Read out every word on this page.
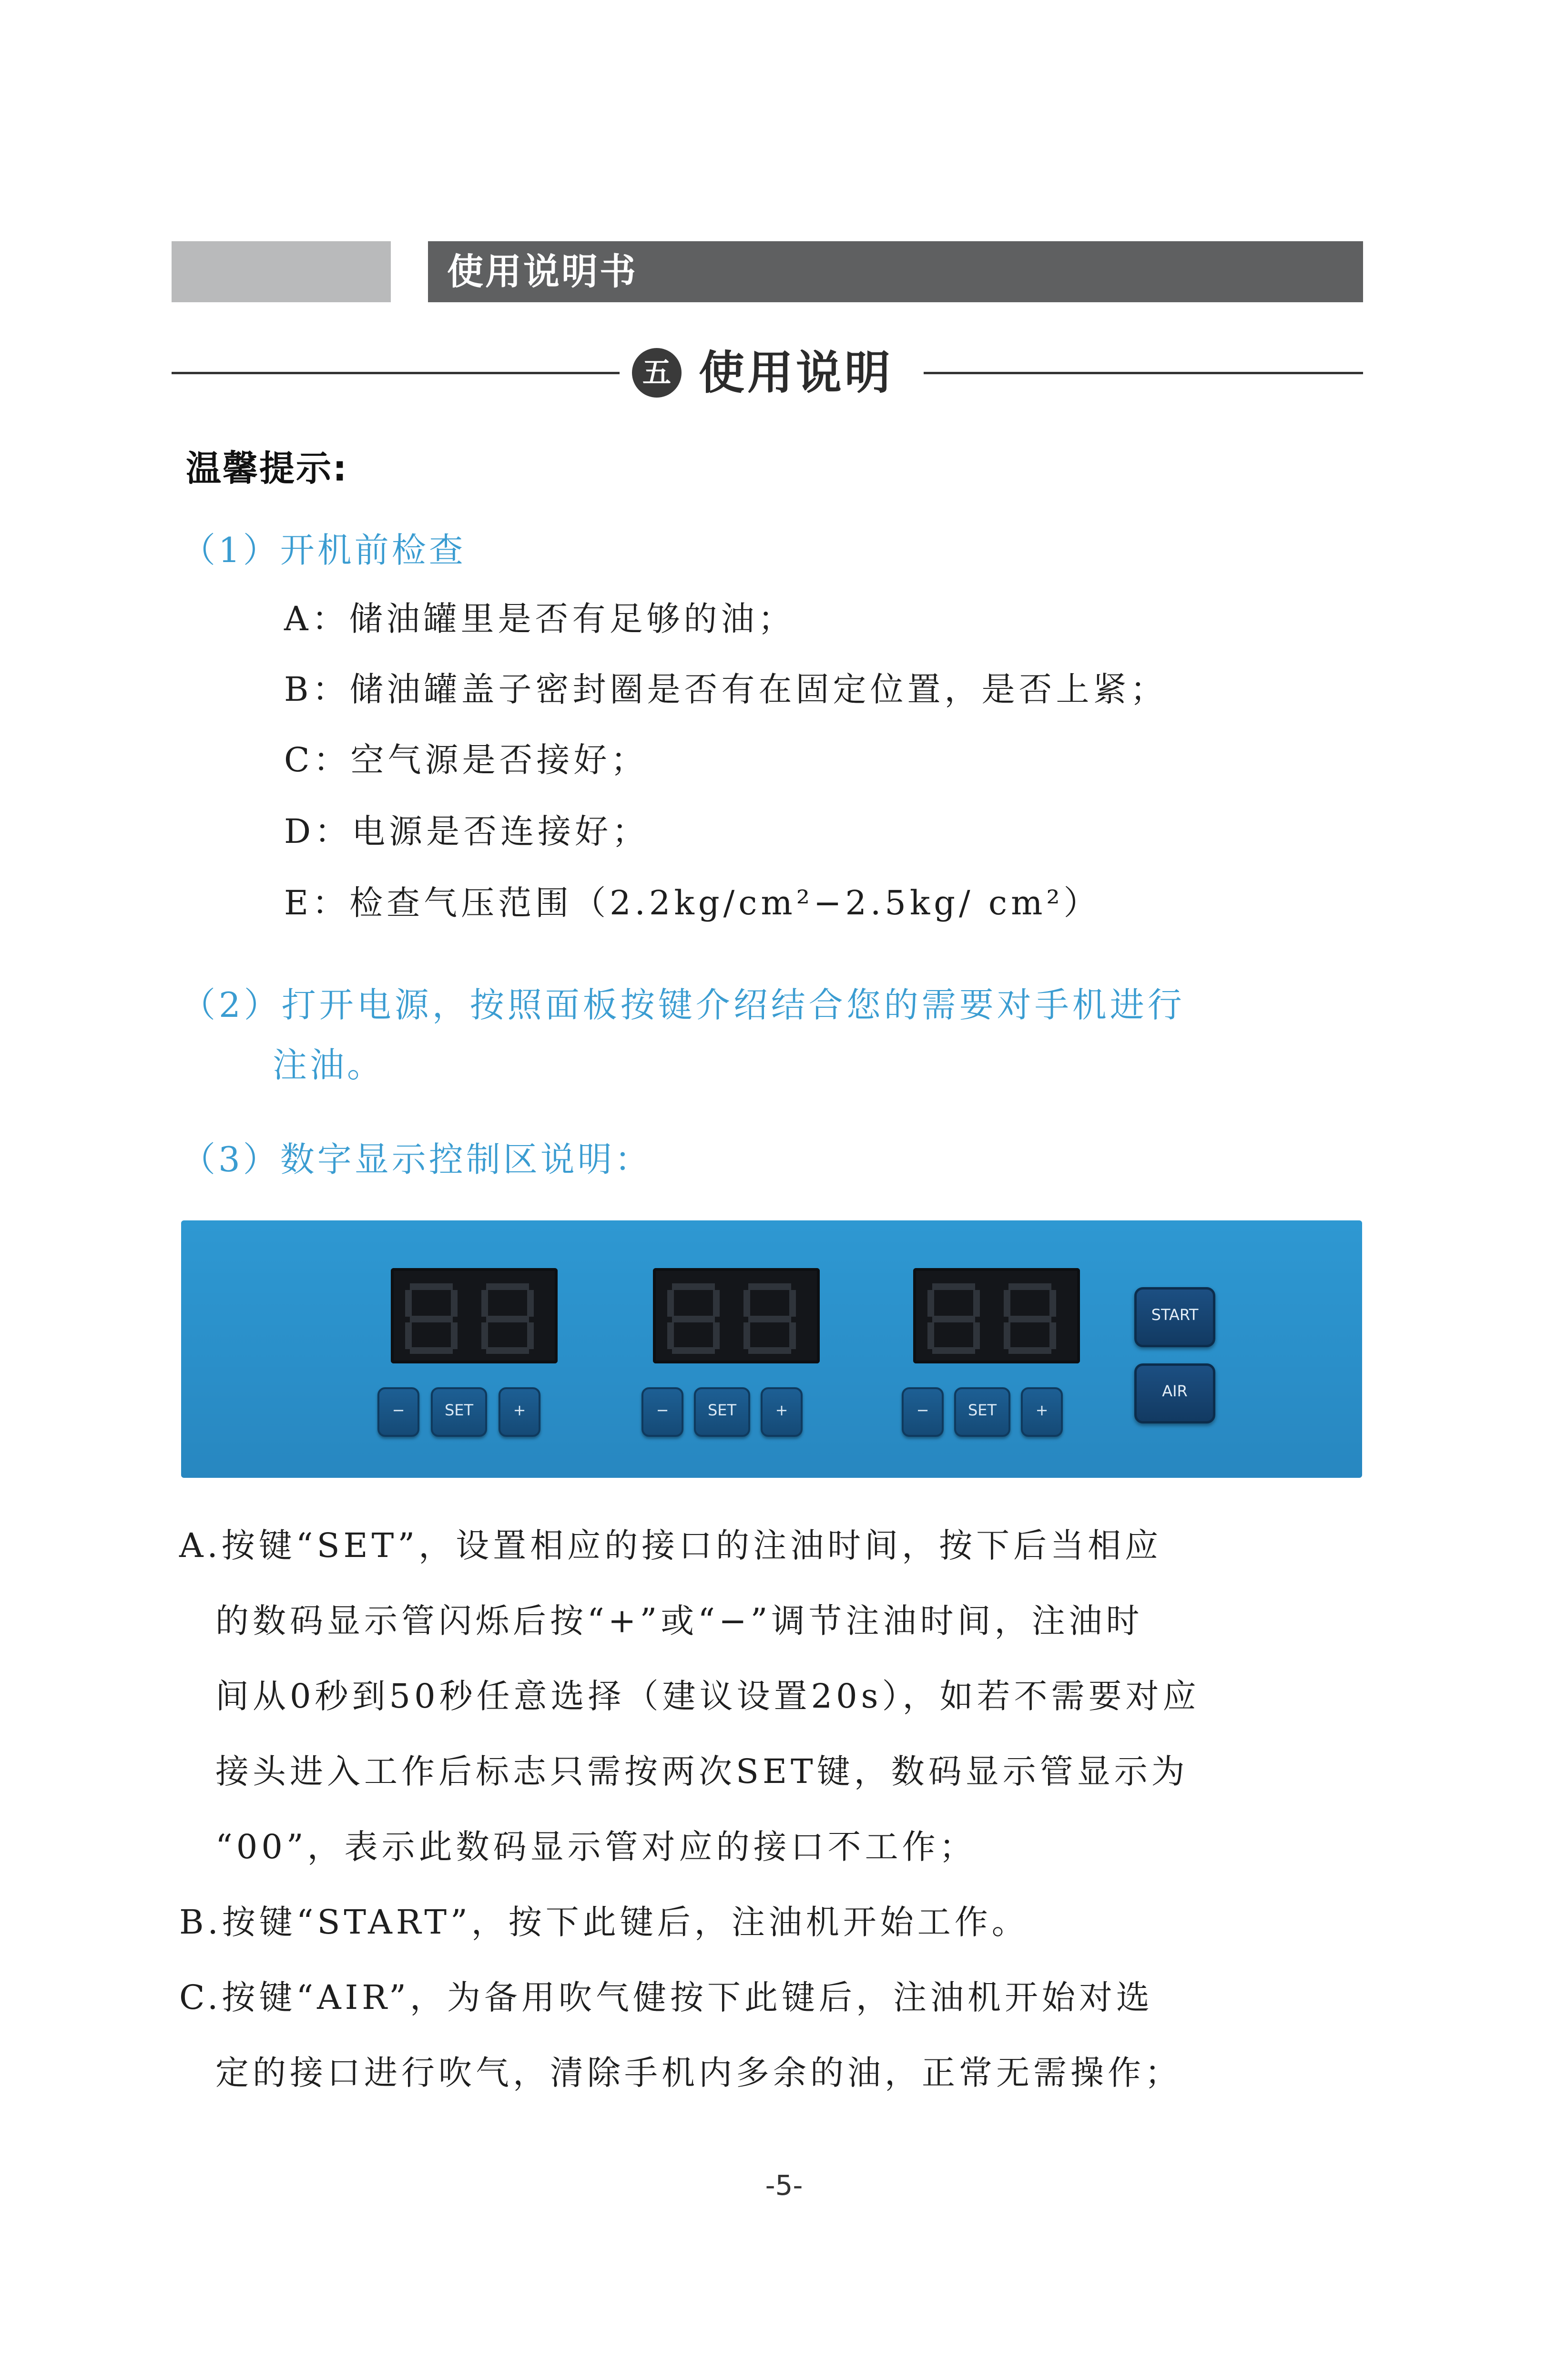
使用说明书
五 使用说明
温馨提示:
（1）开机前检查
A：储油罐里是否有足够的油；
B：储油罐盖子密封圈是否有在固定位置，是否上紧；
C：空气源是否接好；
D：电源是否连接好；
E：检查气压范围（2.2kg/cm²−2.5kg/ cm²）
（2）打开电源，按照面板按键介绍结合您的需要对手机进行
注油。
（3）数字显示控制区说明：
−	SET	+	−	SET	+	−	SET	+
START
AIR
A.按键“SET”，设置相应的接口的注油时间，按下后当相应
的数码显示管闪烁后按“+”或“−”调节注油时间，注油时
间从0秒到50秒任意选择（建议设置20s），如若不需要对应
接头进入工作后标志只需按两次SET键，数码显示管显示为
“00”，表示此数码显示管对应的接口不工作；
B.按键“START”，按下此键后，注油机开始工作。
C.按键“AIR”，为备用吹气健按下此键后，注油机开始对选
定的接口进行吹气，清除手机内多余的油，正常无需操作；
-5-
